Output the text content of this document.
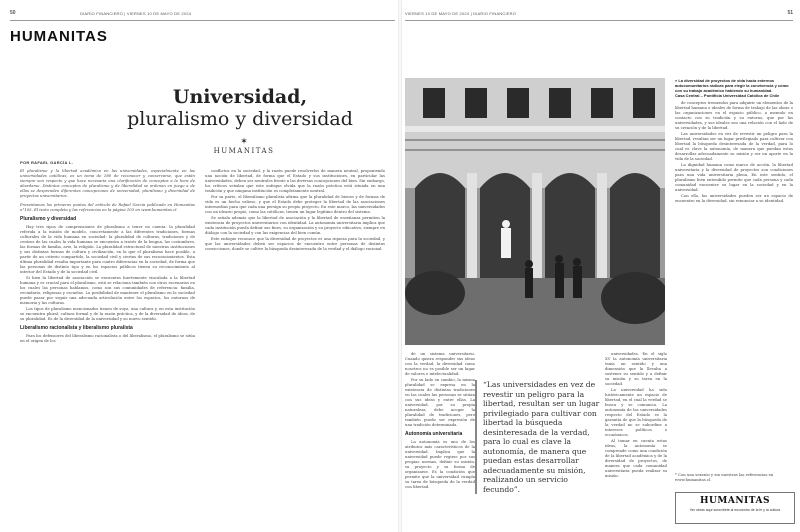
50	DIARIO FINANCIERO | VIERNES 10 DE MAYO DE 2024
HUMANITAS
Universidad,
pluralismo y diversidad
✶
HUMANITAS
POR RAFAEL GARCÍA L.

El pluralismo y la libertad académica en las universidades, especialmente en las universidades católicas, es un tema de 180 de reconocer y conservarse, que están siempre son respecto y que hace necesaria una clarificación de conceptos a la hora de abordarse. Distintos conceptos de pluralismo y de liberalidad se ordenan en juego a de ellas se desprenden diferentes concepciones de universidad, pluralismo y diversidad de proyectos universitarios.

Presentamos los primeros puntos del artículo de Rafael García publicado en Humanitas n°105. El texto completo y las referencias en la página 105 en www.humanitas.cl.

Pluralismo y diversidad

Hay tres tipos de comprensiones de pluralismo a tener en cuenta: la pluralidad referida a la misión de modelo, concretamente a las diferentes tradiciones, formas culturales de la vida humana en sociedad: la pluralidad de culturas, tradiciones y de centros de las cuales la vida humana se encuentra a través de la lengua, las costumbres, las formas de familia, arte, la religión. La pluralidad estructural de nuestras instituciones y sus distintas formas de cultura y civilización, en la que el pluralismo hace posible, a partir de un criterio compartido, la sociedad civil y ciertas de sus reconocimientos. Esta última pluralidad resulta importante para cuatro diferencias en la sociedad, de forma que las personas de distinto tipo y en los espacios públicos tienen su reconocimiento al interior del Estado y de la sociedad civil.

Si bien la libertad de asociación se encuentra fuertemente vinculada a la libertad humana y es crucial para el pluralismo, está se relaciona también con otros escenarios en los cuales las personas hablamos, como son sus comunidades de referencia: familia, vecindario, religiosas y escuelas. La posibilidad de mantener el pluralismo en la sociedad puede pasar por seguir una adecuada articulación entre los espacios, los entornos de memoria y las culturas.

Los tipos de pluralismo mencionados tienen de suyo, una cultura y, en esta institución se encuentra plural, cultura formal y de la razón práctica, y de la diversidad de ideas, de su pluralidad. Es de la diversidad de la universidad y su nuevo sentido.

Liberalismo racionalista y liberalismo pluralista

Para los defensores del liberalismo racionalista o del liberalismo, el pluralismo se sitúa en el origen de los

conflictos en la sociedad, y la razón puede resolverlos de manera neutral, proponiendo una noción de libertad, de forma que el Estado y sus instituciones, en particular las universidades, deben ser neutrales frente a las diversas concepciones del bien. Sin embargo, los críticos señalan que este enfoque olvida que la razón práctica está situada en una tradición y que ninguna institución es completamente neutral.

Por su parte, el liberalismo pluralista afirma que la pluralidad de bienes y de formas de vida es un hecho valioso, y que el Estado debe proteger la libertad de las asociaciones intermedias para que cada una persiga su propio proyecto. En este marco, las universidades con un ideario propio, como las católicas, tienen un lugar legítimo dentro del sistema.

Se señala además que la libertad de asociación y la libertad de enseñanza permiten la existencia de proyectos universitarios con identidad. La autonomía universitaria implica que cada institución pueda definir sus fines, su organización y su proyecto educativo, siempre en diálogo con la sociedad y con las exigencias del bien común.

Este enfoque reconoce que la diversidad de proyectos es una riqueza para la sociedad, y que las universidades deben ser espacios de encuentro entre personas de distintas convicciones, donde se cultive la búsqueda desinteresada de la verdad y el diálogo racional.

VIERNES 10 DE MAYO DE 2024 | DIARIO FINANCIERO	51
» La diversidad de proyectos de vida hacia externos autocomunitarios radicas para elegir la convivencia y cómo con su trabajo académico habiendo su humanidad.
Casa Central – Pontificia Universidad Católica de Chile

de conceptos tremendos para adquirir un elementos de la libertad humana e ideales de forma de trabajo de las obras o las organizaciones en el espacio público, a menudo en contacto con su tradición y su entorno, que por las universidades, y sus ideales son una relación con el lado de su creación y de la libertad.

Las universidades en vez de revestir un peligro para la libertad, resultan ser un lugar privilegiado para cultivar con libertad la búsqueda desinteresada de la verdad, para lo cual es clave la autonomía, de manera que puedan estas desarrollar adecuadamente su misión y ser un aporte en la vida de la sociedad.

La dignidad humana como marco de acción, la libertad universitaria y la diversidad de proyectos son condiciones para una vida universitaria plena. En este sentido, el pluralismo bien entendido permite que cada persona y cada comunidad encuentre su lugar en la sociedad y en la universidad.

Con ello, las universidades pueden ser un espacio de encuentro en la diversidad, sin renunciar a su identidad.

de un sistema universitario. Cuando quiera responder sus ideas con la verdad, la diversidad como nosotros no es posible ser un lugar de valores e intelectualidad.

Por su lado en cambio, la misma pluralidad se expresa en la existencia de distintas tradiciones en las cuales las personas se sitúan con sus ideas y entre ellas. La universidad, por su propia naturaleza, debe acoger la pluralidad de tradiciones, pero también puede ser expresión de una tradición determinada.

Autonomía universitaria

La autonomía es uno de los atributos más característicos de la universidad. Implica que la universidad puede regirse por sus propias normas, definir su misión, su proyecto y su forma de organizarse. Es la condición que permite que la universidad cumpla su tarea de búsqueda de la verdad con libertad.

“Las universidades en vez de revestir un peligro para la libertad, resultan ser un lugar privilegiado para cultivar con libertad la búsqueda desinteresada de la verdad, para lo cual es clave la autonomía, de manera que puedan estas desarrollar adecuadamente su misión, realizando un servicio fecundo”.

universidades. En el siglo XV la autonomía universitaria tenía un sentido y una dimensión que la llevaba a sostener su sentido y a definir su misión y su tarea en la sociedad.

La universidad ha sido históricamente un espacio de libertad, en el cual la verdad se busca y se comunica. La autonomía de las universidades respecto del Estado es la garantía de que la búsqueda de la verdad no se subordine a intereses políticos o económicos.

Al tomar en cuenta estas ideas, la autonomía se comprende como una condición de la libertad académica y de la diversidad de proyectos, de manera que cada comunidad universitaria pueda realizar su misión.	* Con una sexenio y sin nuestras las referencias en www.humanitas.cl.
HUMANITAS
Ver obras aquí suscríbete al encuentro de la fe y la cultura
